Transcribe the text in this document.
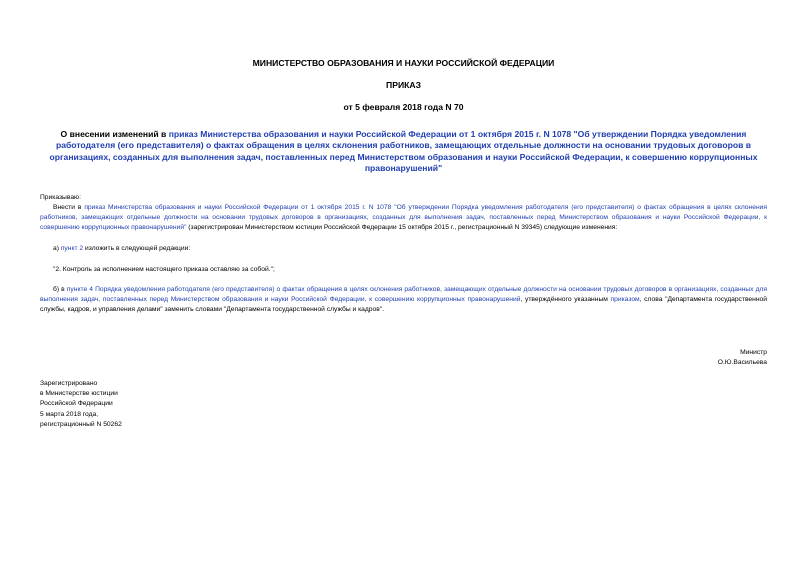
МИНИСТЕРСТВО ОБРАЗОВАНИЯ И НАУКИ РОССИЙСКОЙ ФЕДЕРАЦИИ
ПРИКАЗ
от 5 февраля 2018 года N 70
О внесении изменений в приказ Министерства образования и науки Российской Федерации от 1 октября 2015 г. N 1078 "Об утверждении Порядка уведомления работодателя (его представителя) о фактах обращения в целях склонения работников, замещающих отдельные должности на основании трудовых договоров в организациях, созданных для выполнения задач, поставленных перед Министерством образования и науки Российской Федерации, к совершению коррупционных правонарушений"
Приказываю:
Внести в приказ Министерства образования и науки Российской Федерации от 1 октября 2015 г. N 1078 "Об утверждении Порядка уведомления работодателя (его представителя) о фактах обращения в целях склонения работников, замещающих отдельные должности на основании трудовых договоров в организациях, созданных для выполнения задач, поставленных перед Министерством образования и науки Российской Федерации, к совершению коррупционных правонарушений" (зарегистрирован Министерством юстиции Российской Федерации 15 октября 2015 г., регистрационный N 39345) следующие изменения:
а) пункт 2 изложить в следующей редакции:
"2. Контроль за исполнением настоящего приказа оставляю за собой.";
б) в пункте 4 Порядка уведомления работодателя (его представителя) о фактах обращения в целях склонения работников, замещающих отдельные должности на основании трудовых договоров в организациях, созданных для выполнения задач, поставленных перед Министерством образования и науки Российской Федерации, к совершению коррупционных правонарушений, утверждённого указанным приказом, слова "Департамента государственной службы, кадров, и управления делами" заменить словами "Департамента государственной службы и кадров".
Министр
О.Ю.Васильева
Зарегистрировано
в Министерстве юстиции
Российской Федерации
5 марта 2018 года,
регистрационный N 50262
